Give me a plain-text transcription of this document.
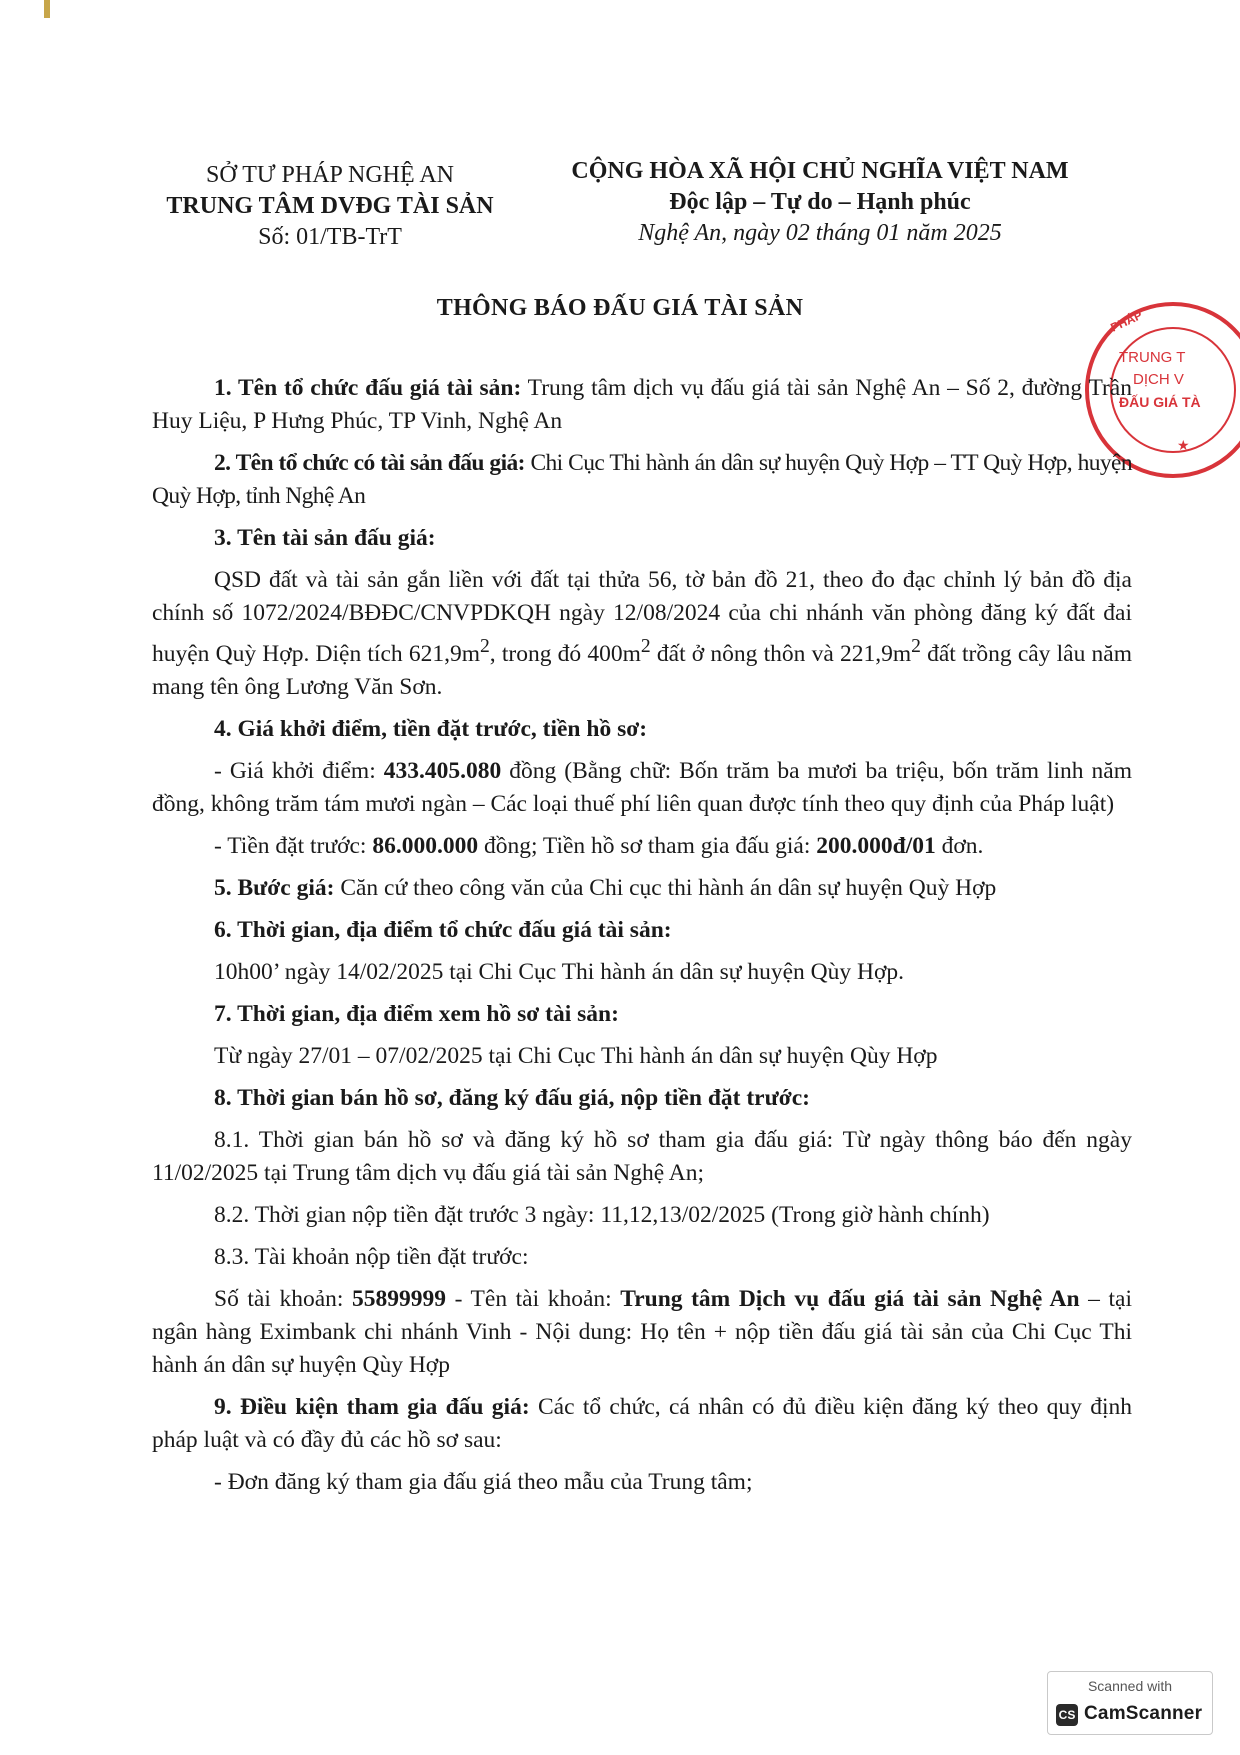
SỞ TƯ PHÁP NGHỆ AN
TRUNG TÂM DVĐG TÀI SẢN
Số: 01/TB-TrT
CỘNG HÒA XÃ HỘI CHỦ NGHĨA VIỆT NAM
Độc lập – Tự do – Hạnh phúc
Nghệ An, ngày 02 tháng 01 năm 2025
THÔNG BÁO ĐẤU GIÁ TÀI SẢN	PHÁP
TRUNG T
DỊCH V
ĐẤU GIÁ TÀ
★

1. Tên tổ chức đấu giá tài sản: Trung tâm dịch vụ đấu giá tài sản Nghệ An – Số 2, đường Trần Huy Liệu, P Hưng Phúc, TP Vinh, Nghệ An

2. Tên tổ chức có tài sản đấu giá: Chi Cục Thi hành án dân sự huyện Quỳ Hợp – TT Quỳ Hợp, huyện Quỳ Hợp, tỉnh Nghệ An

3. Tên tài sản đấu giá:

QSD đất và tài sản gắn liền với đất tại thửa 56, tờ bản đồ 21, theo đo đạc chỉnh lý bản đồ địa chính số 1072/2024/BĐĐC/CNVPDKQH ngày 12/08/2024 của chi nhánh văn phòng đăng ký đất đai huyện Quỳ Hợp. Diện tích $621,9m^2$, trong đó $400m^2$ đất ở nông thôn và $221,9m^2$ đất trồng cây lâu năm mang tên ông Lương Văn Sơn.

4. Giá khởi điểm, tiền đặt trước, tiền hồ sơ:

- Giá khởi điểm: 433.405.080 đồng (Bằng chữ: Bốn trăm ba mươi ba triệu, bốn trăm linh năm đồng, không trăm tám mươi ngàn – Các loại thuế phí liên quan được tính theo quy định của Pháp luật)

- Tiền đặt trước: 86.000.000 đồng; Tiền hồ sơ tham gia đấu giá: 200.000đ/01 đơn.

5. Bước giá: Căn cứ theo công văn của Chi cục thi hành án dân sự huyện Quỳ Hợp

6. Thời gian, địa điểm tổ chức đấu giá tài sản:

10h00’ ngày 14/02/2025 tại Chi Cục Thi hành án dân sự huyện Qùy Hợp.

7. Thời gian, địa điểm xem hồ sơ tài sản:

Từ ngày 27/01 – 07/02/2025 tại Chi Cục Thi hành án dân sự huyện Qùy Hợp

8. Thời gian bán hồ sơ, đăng ký đấu giá, nộp tiền đặt trước:

8.1. Thời gian bán hồ sơ và đăng ký hồ sơ tham gia đấu giá: Từ ngày thông báo đến ngày 11/02/2025 tại Trung tâm dịch vụ đấu giá tài sản Nghệ An;

8.2. Thời gian nộp tiền đặt trước 3 ngày: 11,12,13/02/2025 (Trong giờ hành chính)

8.3. Tài khoản nộp tiền đặt trước:

Số tài khoản: 55899999 - Tên tài khoản: Trung tâm Dịch vụ đấu giá tài sản Nghệ An – tại ngân hàng Eximbank chi nhánh Vinh - Nội dung: Họ tên + nộp tiền đấu giá tài sản của Chi Cục Thi hành án dân sự huyện Qùy Hợp

9. Điều kiện tham gia đấu giá: Các tổ chức, cá nhân có đủ điều kiện đăng ký theo quy định pháp luật và có đầy đủ các hồ sơ sau:

- Đơn đăng ký tham gia đấu giá theo mẫu của Trung tâm;

Scanned with
CS CamScanner
